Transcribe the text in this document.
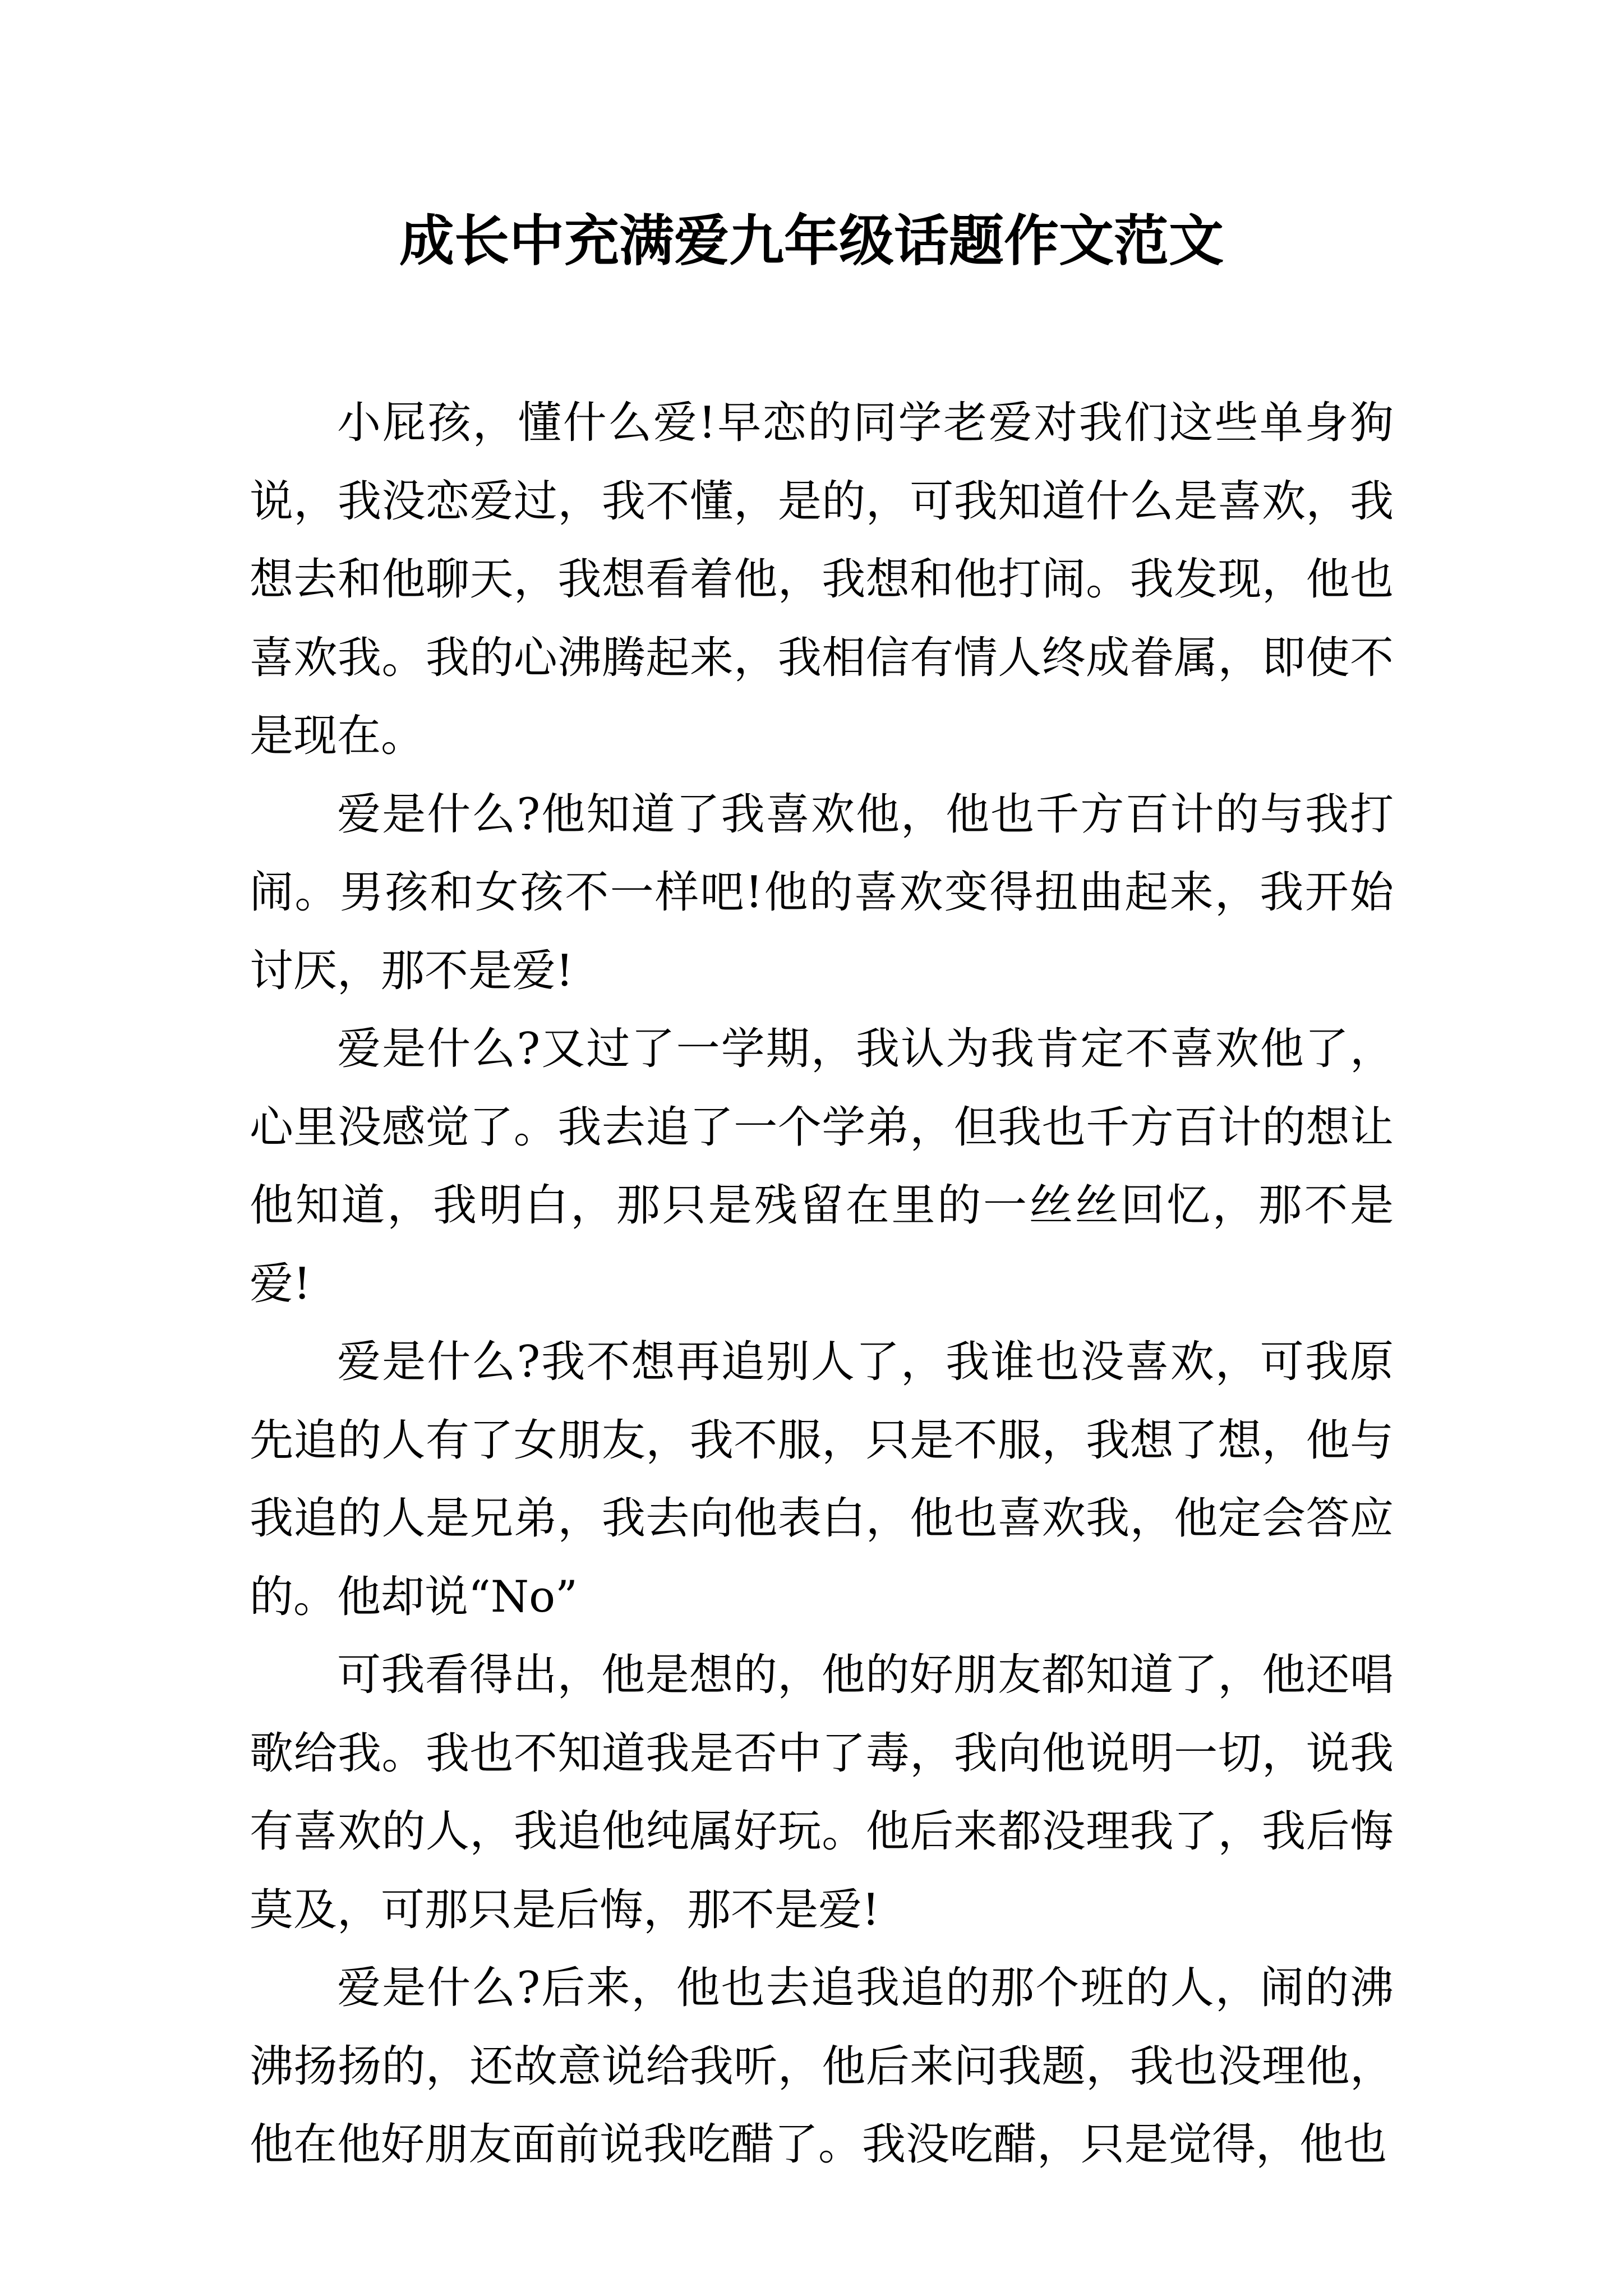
成长中充满爱九年级话题作文范文

小屁孩，懂什么爱!早恋的同学老爱对我们这些单身狗说，我没恋爱过，我不懂，是的，可我知道什么是喜欢，我想去和他聊天，我想看着他，我想和他打闹。我发现，他也喜欢我。我的心沸腾起来，我相信有情人终成眷属，即使不是现在。

爱是什么?他知道了我喜欢他，他也千方百计的与我打闹。男孩和女孩不一样吧!他的喜欢变得扭曲起来，我开始讨厌，那不是爱!

爱是什么?又过了一学期，我认为我肯定不喜欢他了，心里没感觉了。我去追了一个学弟，但我也千方百计的想让他知道，我明白，那只是残留在里的一丝丝回忆，那不是爱!

爱是什么?我不想再追别人了，我谁也没喜欢，可我原先追的人有了女朋友，我不服，只是不服，我想了想，他与我追的人是兄弟，我去向他表白，他也喜欢我，他定会答应的。他却说“No”

可我看得出，他是想的，他的好朋友都知道了，他还唱歌给我。我也不知道我是否中了毒，我向他说明一切，说我有喜欢的人，我追他纯属好玩。他后来都没理我了，我后悔莫及，可那只是后悔，那不是爱!

爱是什么?后来，他也去追我追的那个班的人，闹的沸沸扬扬的，还故意说给我听，他后来问我题，我也没理他，他在他好朋友面前说我吃醋了。我没吃醋，只是觉得，他也
